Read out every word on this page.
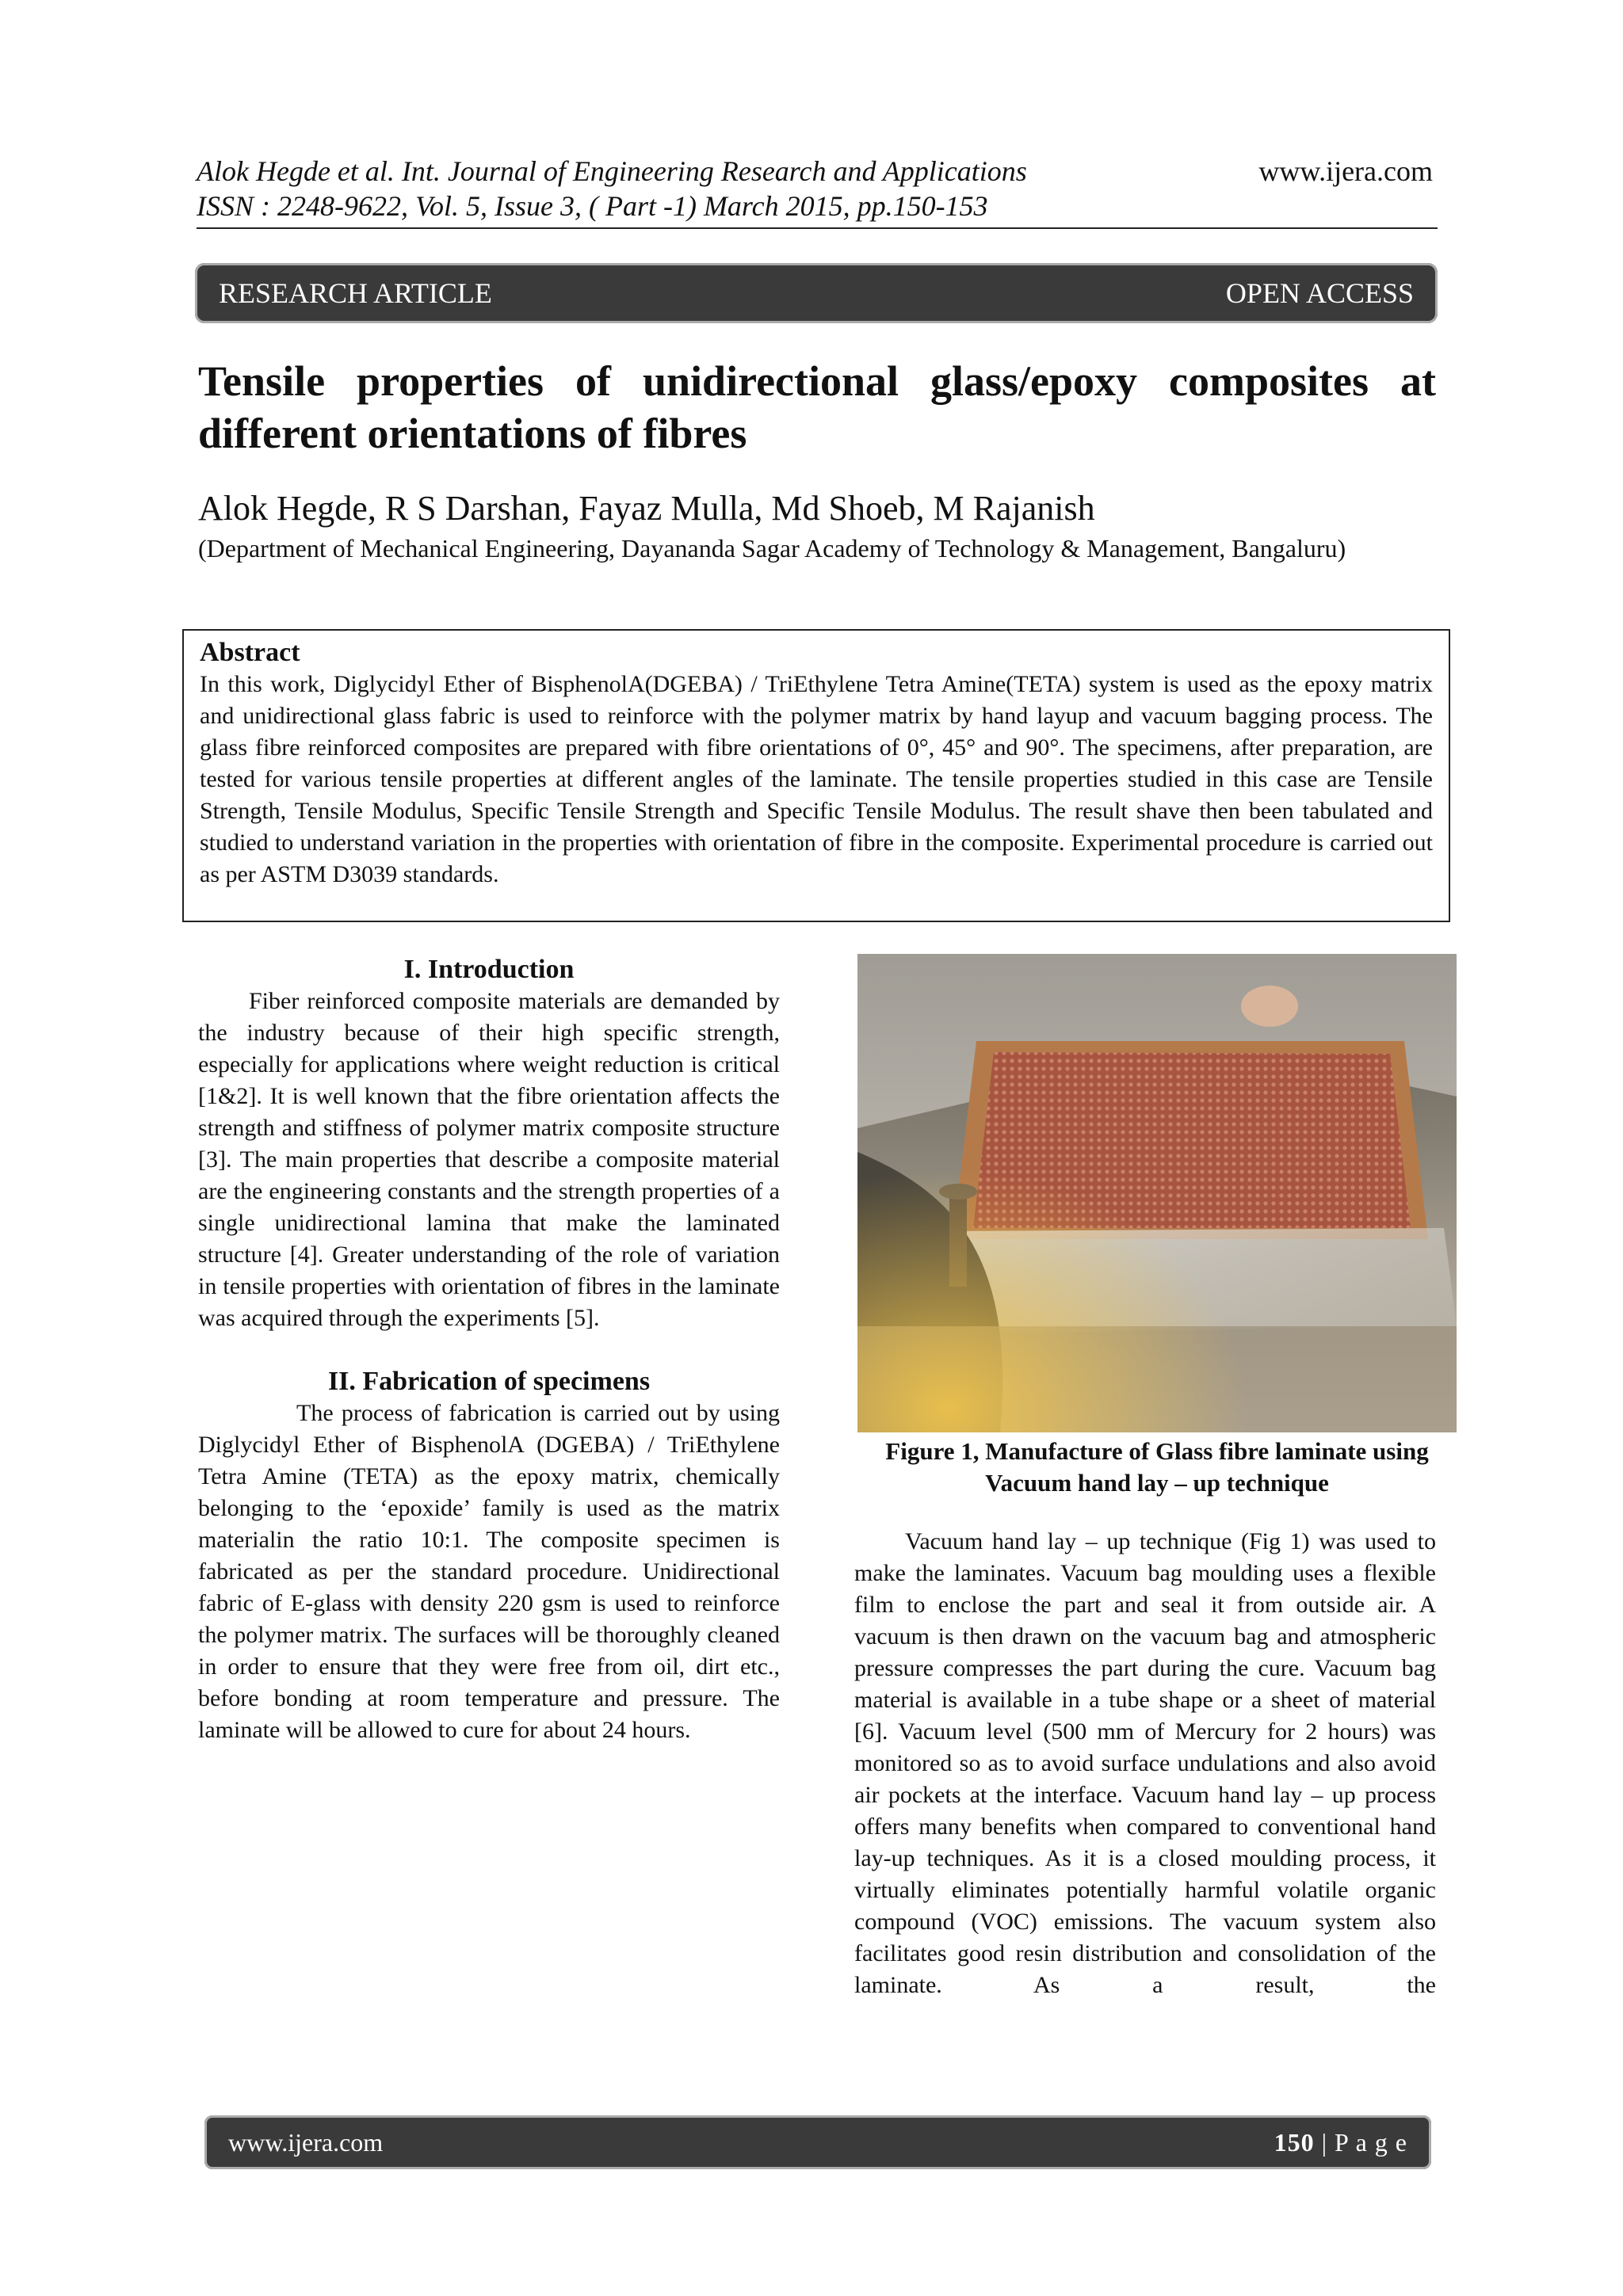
Alok Hegde et al. Int. Journal of Engineering Research and Applications
ISSN : 2248-9622, Vol. 5, Issue 3, ( Part -1) March 2015, pp.150-153
www.ijera.com
RESEARCH ARTICLE	OPEN ACCESS
Tensile properties of unidirectional glass/epoxy composites at different orientations of fibres
Alok Hegde, R S Darshan, Fayaz Mulla, Md Shoeb, M Rajanish
(Department of Mechanical Engineering, Dayananda Sagar Academy of Technology & Management, Bangaluru)
Abstract

In this work, Diglycidyl Ether of BisphenolA(DGEBA) / TriEthylene Tetra Amine(TETA) system is used as the epoxy matrix and unidirectional glass fabric is used to reinforce with the polymer matrix by hand layup and vacuum bagging process. The glass fibre reinforced composites are prepared with fibre orientations of 0°, 45° and 90°. The specimens, after preparation, are tested for various tensile properties at different angles of the laminate. The tensile properties studied in this case are Tensile Strength, Tensile Modulus, Specific Tensile Strength and Specific Tensile Modulus. The result shave then been tabulated and studied to understand variation in the properties with orientation of fibre in the composite. Experimental procedure is carried out as per ASTM D3039 standards.

I. Introduction

Fiber reinforced composite materials are demanded by the industry because of their high specific strength, especially for applications where weight reduction is critical [1&2]. It is well known that the fibre orientation affects the strength and stiffness of polymer matrix composite structure [3]. The main properties that describe a composite material are the engineering constants and the strength properties of a single unidirectional lamina that make the laminated structure [4]. Greater understanding of the role of variation in tensile properties with orientation of fibres in the laminate was acquired through the experiments [5].

II. Fabrication of specimens

The process of fabrication is carried out by using Diglycidyl Ether of BisphenolA (DGEBA) / TriEthylene Tetra Amine (TETA) as the epoxy matrix, chemically belonging to the ‘epoxide’ family is used as the matrix materialin the ratio 10:1. The composite specimen is fabricated as per the standard procedure. Unidirectional fabric of E-glass with density 220 gsm is used to reinforce the polymer matrix. The surfaces will be thoroughly cleaned in order to ensure that they were free from oil, dirt etc., before bonding at room temperature and pressure. The laminate will be allowed to cure for about 24 hours.

Figure 1, Manufacture of Glass fibre laminate using Vacuum hand lay – up technique

Vacuum hand lay – up technique (Fig 1) was used to make the laminates. Vacuum bag moulding uses a flexible film to enclose the part and seal it from outside air. A vacuum is then drawn on the vacuum bag and atmospheric pressure compresses the part during the cure. Vacuum bag material is available in a tube shape or a sheet of material [6]. Vacuum level (500 mm of Mercury for 2 hours) was monitored so as to avoid surface undulations and also avoid air pockets at the interface. Vacuum hand lay – up process offers many benefits when compared to conventional hand lay-up techniques. As it is a closed moulding process, it virtually eliminates potentially harmful volatile organic compound (VOC) emissions. The vacuum system also facilitates good resin distribution and consolidation of the laminate. As a result, the

www.ijera.com	150 | P a g e
